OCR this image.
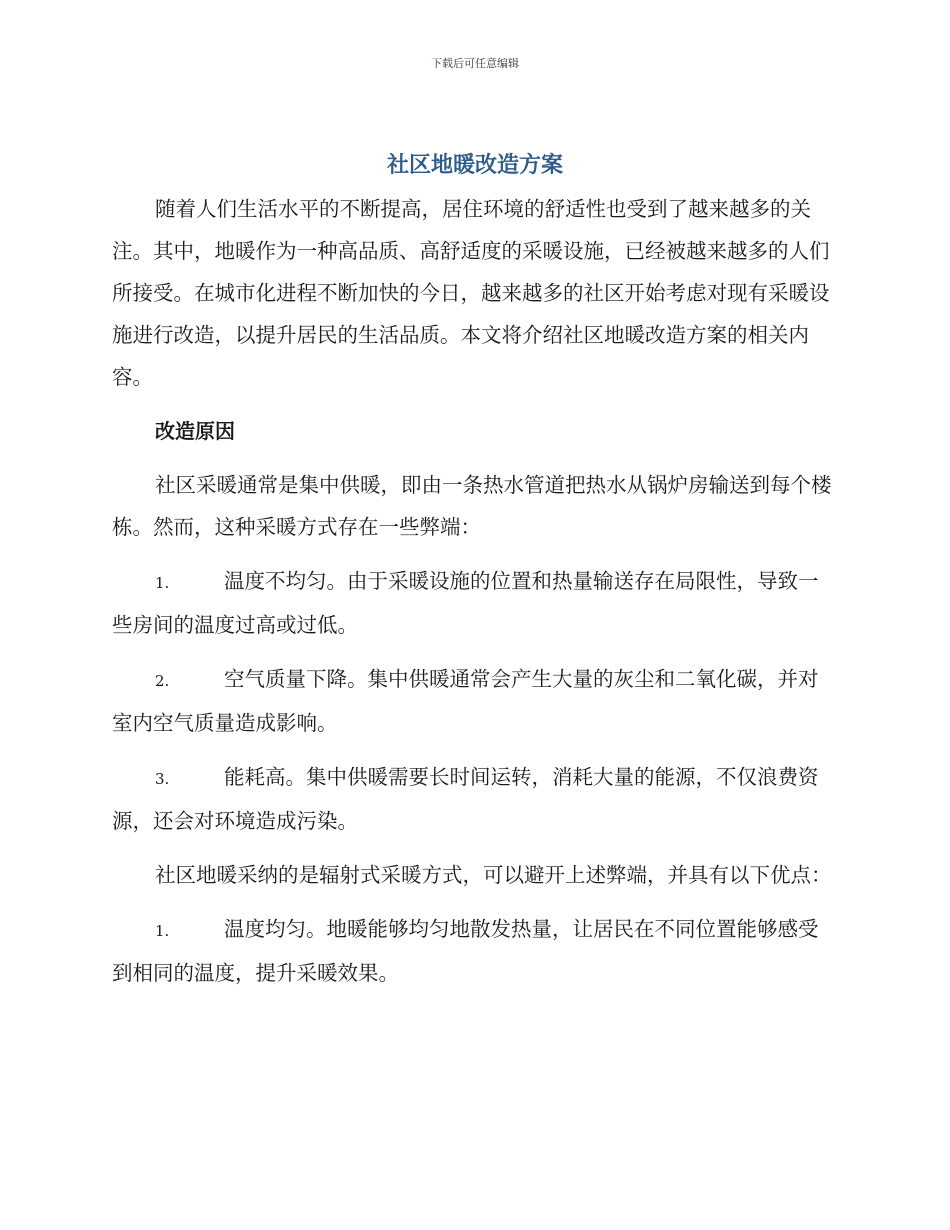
下载后可任意编辑
社区地暖改造方案

随着人们生活水平的不断提高，居住环境的舒适性也受到了越来越多的关注。其中，地暖作为一种高品质、高舒适度的采暖设施，已经被越来越多的人们所接受。在城市化进程不断加快的今日，越来越多的社区开始考虑对现有采暖设施进行改造，以提升居民的生活品质。本文将介绍社区地暖改造方案的相关内容。

改造原因

社区采暖通常是集中供暖，即由一条热水管道把热水从锅炉房输送到每个楼栋。然而，这种采暖方式存在一些弊端：

1.	温度不均匀。由于采暖设施的位置和热量输送存在局限性，导致一些房间的温度过高或过低。

2.	空气质量下降。集中供暖通常会产生大量的灰尘和二氧化碳，并对室内空气质量造成影响。

3.	能耗高。集中供暖需要长时间运转，消耗大量的能源，不仅浪费资源，还会对环境造成污染。

社区地暖采纳的是辐射式采暖方式，可以避开上述弊端，并具有以下优点：

1.	温度均匀。地暖能够均匀地散发热量，让居民在不同位置能够感受到相同的温度，提升采暖效果。
